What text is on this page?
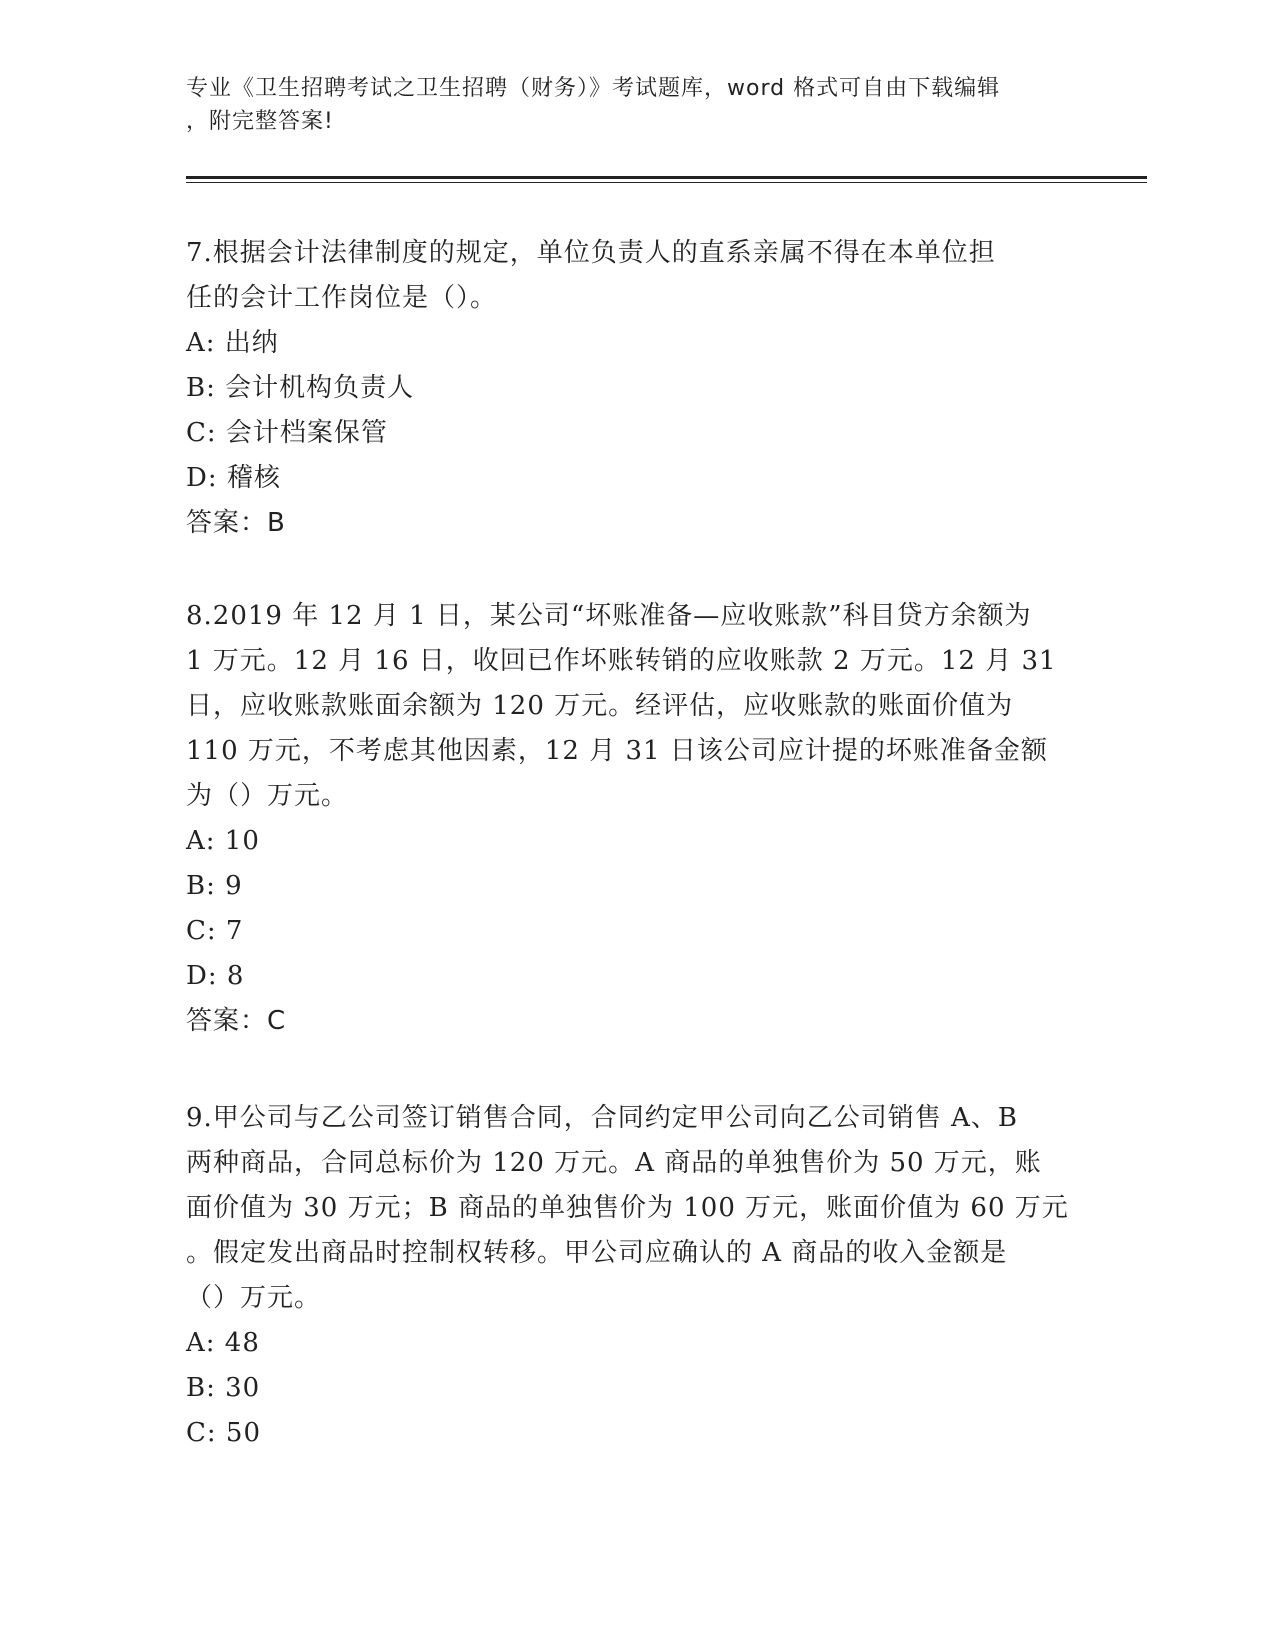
专业《卫生招聘考试之卫生招聘（财务）》考试题库，word 格式可自由下载编辑
，附完整答案!

7.根据会计法律制度的规定，单位负责人的直系亲属不得在本单位担

任的会计工作岗位是（）。

A: 出纳

B: 会计机构负责人

C: 会计档案保管

D: 稽核

答案：B

8.2019 年 12 月 1 日，某公司“坏账准备—应收账款”科目贷方余额为

1 万元。12 月 16 日，收回已作坏账转销的应收账款 2 万元。12 月 31

日，应收账款账面余额为 120 万元。经评估，应收账款的账面价值为

110 万元，不考虑其他因素，12 月 31 日该公司应计提的坏账准备金额

为（）万元。

A: 10

B: 9

C: 7

D: 8

答案：C

9.甲公司与乙公司签订销售合同，合同约定甲公司向乙公司销售 A、B

两种商品，合同总标价为 120 万元。A 商品的单独售价为 50 万元，账

面价值为 30 万元；B 商品的单独售价为 100 万元，账面价值为 60 万元

。假定发出商品时控制权转移。甲公司应确认的 A 商品的收入金额是

（）万元。

A: 48

B: 30

C: 50
